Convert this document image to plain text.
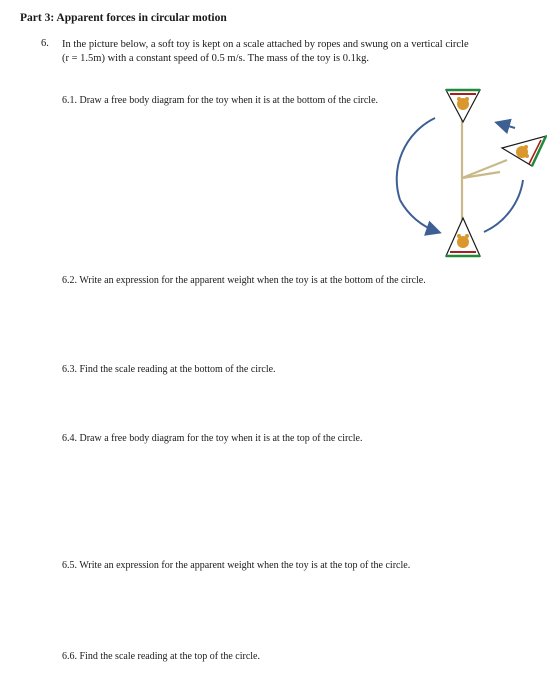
Part 3: Apparent forces in circular motion
6. In the picture below, a soft toy is kept on a scale attached by ropes and swung on a vertical circle
(r = 1.5m) with a constant speed of 0.5 m/s. The mass of the toy is 0.1kg.
6.1. Draw a free body diagram for the toy when it is at the bottom of the circle.
6.2. Write an expression for the apparent weight when the toy is at the bottom of the circle.
6.3. Find the scale reading at the bottom of the circle.
6.4. Draw a free body diagram for the toy when it is at the top of the circle.
6.5. Write an expression for the apparent weight when the toy is at the top of the circle.
6.6. Find the scale reading at the top of the circle.
